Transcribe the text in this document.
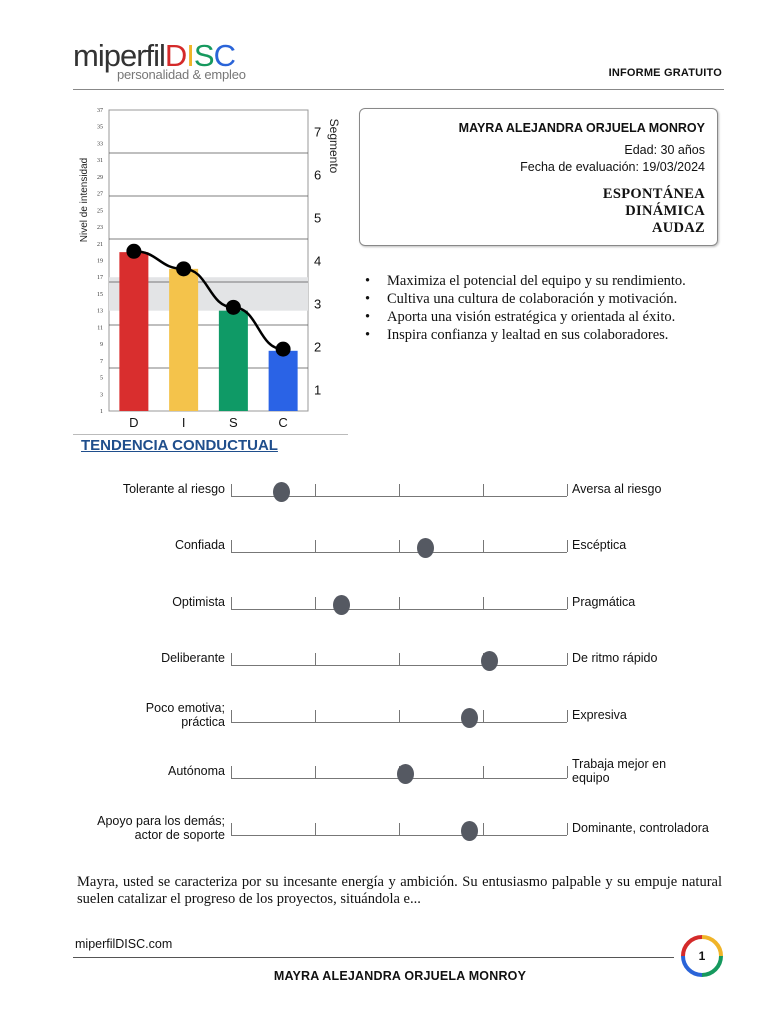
miperfilDISC
personalidad & empleo	INFORME GRATUITO
1
3
5
7
9
11
13
15
17
19
21
23
25
27
29
31
33
35
37
1
2
3
4
5
6
7
D	I	S	C
Nivel de intensidad
Segmento	MAYRA ALEJANDRA ORJUELA MONROY
Edad: 30 años
Fecha de evaluación: 19/03/2024
ESPONTÁNEA
DINÁMICA
AUDAZ
• Maximiza el potencial del equipo y su rendimiento.
• Cultiva una cultura de colaboración y motivación.
• Aporta una visión estratégica y orientada al éxito.
• Inspira confianza y lealtad en sus colaboradores.
TENDENCIA CONDUCTUAL
Tolerante al riesgo	Aversa al riesgo
Confiada	Escéptica
Optimista	Pragmática
Deliberante	De ritmo rápido
Poco emotiva;
práctica	Expresiva
Autónoma	Trabaja mejor en
equipo
Apoyo para los demás;
actor de soporte	Dominante, controladora
Mayra, usted se caracteriza por su incesante energía y ambición. Su entusiasmo palpable y su empuje natural suelen catalizar el progreso de los proyectos, situándola e...
miperfilDISC.com
MAYRA ALEJANDRA ORJUELA MONROY
1
